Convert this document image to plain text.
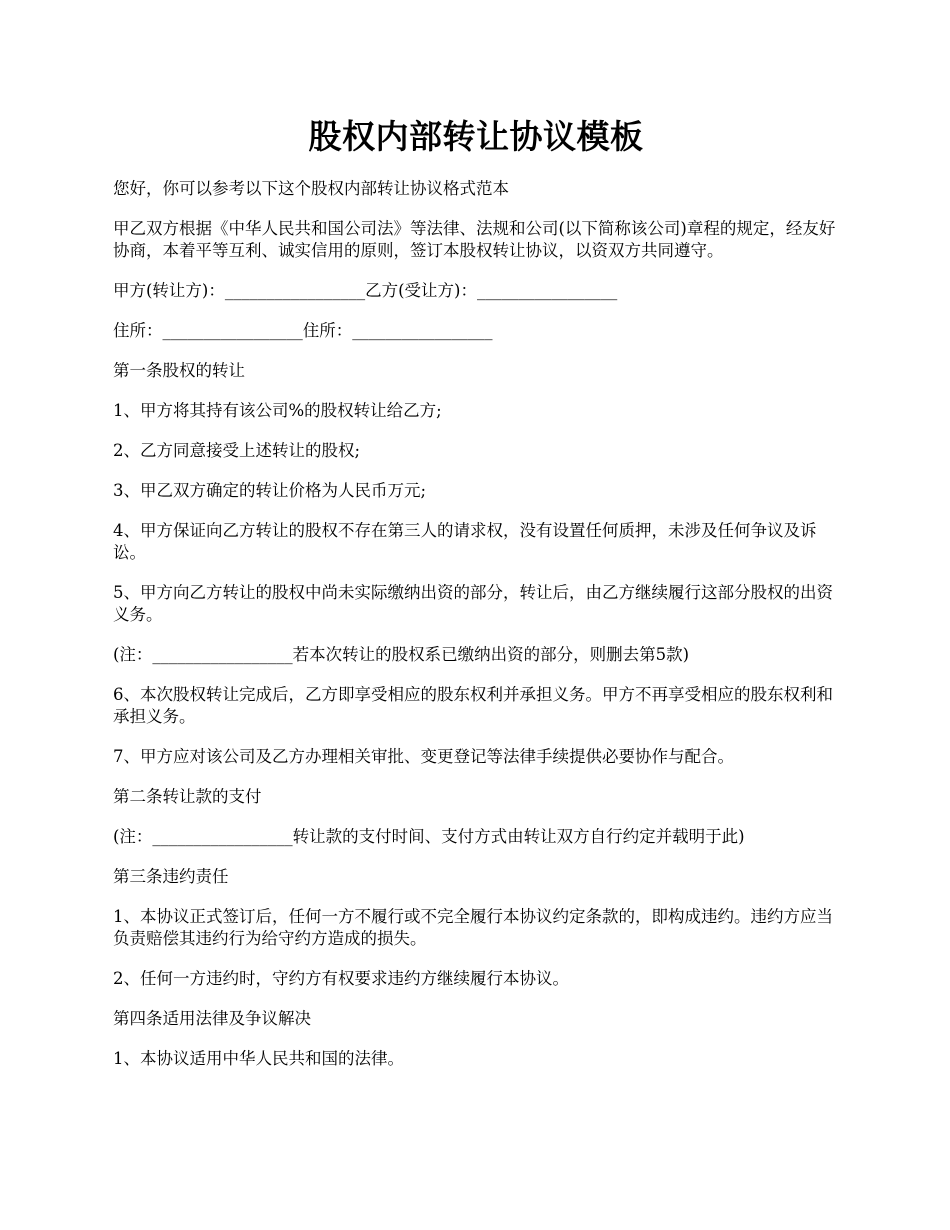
股权内部转让协议模板

您好，你可以参考以下这个股权内部转让协议格式范本

甲乙双方根据《中华人民共和国公司法》等法律、法规和公司(以下简称该公司)章程的规定，经友好协商，本着平等互利、诚实信用的原则，签订本股权转让协议，以资双方共同遵守。

甲方(转让方)：_________________乙方(受让方)：_________________

住所：_________________住所：_________________

第一条股权的转让

1、甲方将其持有该公司%的股权转让给乙方;

2、乙方同意接受上述转让的股权;

3、甲乙双方确定的转让价格为人民币万元;

4、甲方保证向乙方转让的股权不存在第三人的请求权，没有设置任何质押，未涉及任何争议及诉讼。

5、甲方向乙方转让的股权中尚未实际缴纳出资的部分，转让后，由乙方继续履行这部分股权的出资义务。

(注：_________________若本次转让的股权系已缴纳出资的部分，则删去第5款)

6、本次股权转让完成后，乙方即享受相应的股东权利并承担义务。甲方不再享受相应的股东权利和承担义务。

7、甲方应对该公司及乙方办理相关审批、变更登记等法律手续提供必要协作与配合。

第二条转让款的支付

(注：_________________转让款的支付时间、支付方式由转让双方自行约定并载明于此)

第三条违约责任

1、本协议正式签订后，任何一方不履行或不完全履行本协议约定条款的，即构成违约。违约方应当负责赔偿其违约行为给守约方造成的损失。

2、任何一方违约时，守约方有权要求违约方继续履行本协议。

第四条适用法律及争议解决

1、本协议适用中华人民共和国的法律。
